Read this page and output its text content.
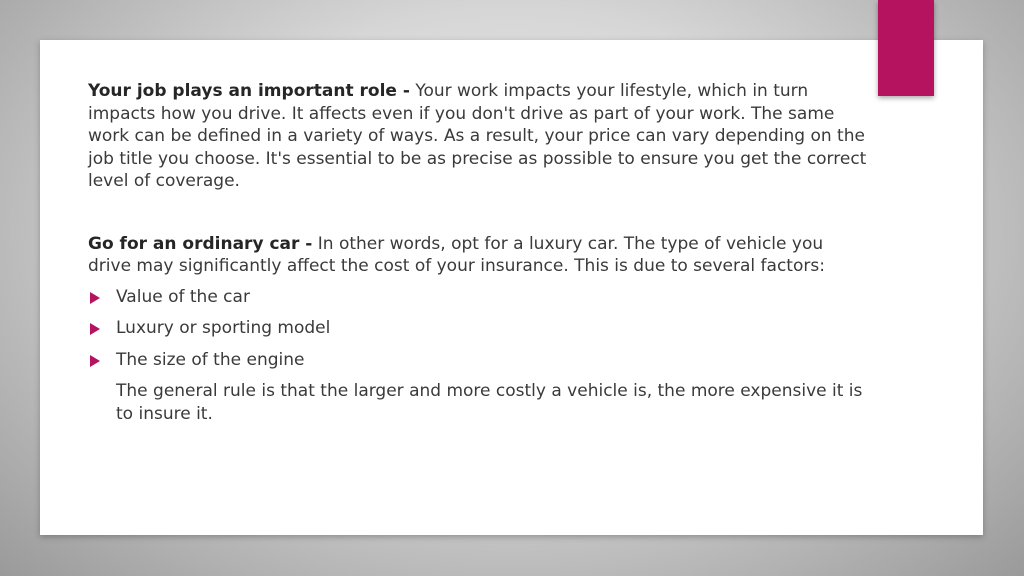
Your job plays an important role - Your work impacts your lifestyle, which in turn impacts how you drive. It affects even if you don't drive as part of your work. The same work can be defined in a variety of ways. As a result, your price can vary depending on the job title you choose. It's essential to be as precise as possible to ensure you get the correct level of coverage.

Go for an ordinary car - In other words, opt for a luxury car. The type of vehicle you drive may significantly affect the cost of your insurance. This is due to several factors:

Value of the car
Luxury or sporting model
The size of the engine

The general rule is that the larger and more costly a vehicle is, the more expensive it is to insure it.
